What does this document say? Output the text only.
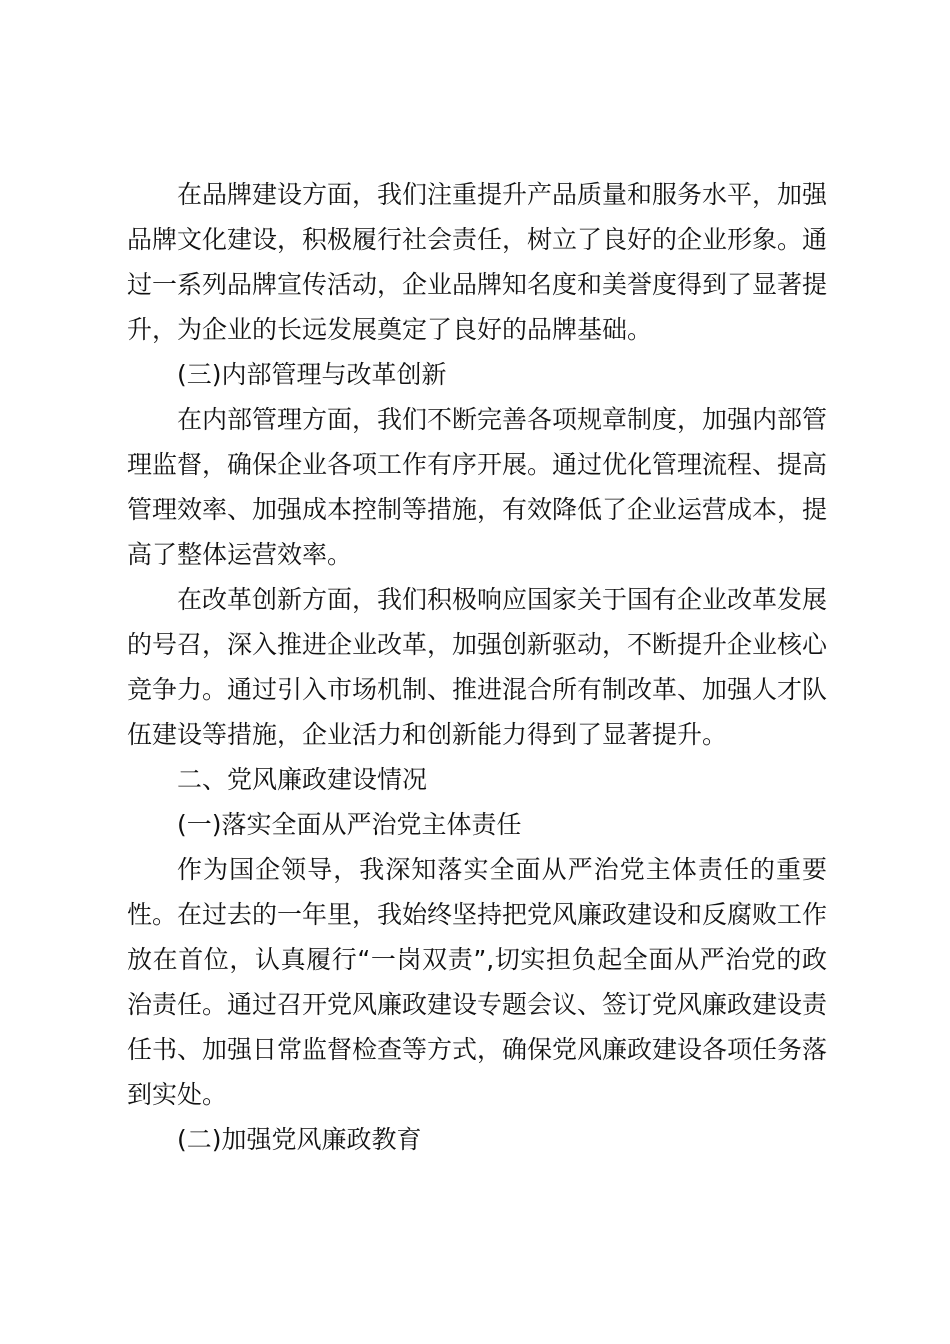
在品牌建设方面，我们注重提升产品质量和服务水平，加强品牌文化建设，积极履行社会责任，树立了良好的企业形象。通过一系列品牌宣传活动，企业品牌知名度和美誉度得到了显著提升，为企业的长远发展奠定了良好的品牌基础。

(三)内部管理与改革创新

在内部管理方面，我们不断完善各项规章制度，加强内部管理监督，确保企业各项工作有序开展。通过优化管理流程、提高管理效率、加强成本控制等措施，有效降低了企业运营成本，提高了整体运营效率。

在改革创新方面，我们积极响应国家关于国有企业改革发展的号召，深入推进企业改革，加强创新驱动，不断提升企业核心竞争力。通过引入市场机制、推进混合所有制改革、加强人才队伍建设等措施，企业活力和创新能力得到了显著提升。

二、党风廉政建设情况

(一)落实全面从严治党主体责任

作为国企领导，我深知落实全面从严治党主体责任的重要性。在过去的一年里，我始终坚持把党风廉政建设和反腐败工作放在首位，认真履行“一岗双责”,切实担负起全面从严治党的政治责任。通过召开党风廉政建设专题会议、签订党风廉政建设责任书、加强日常监督检查等方式，确保党风廉政建设各项任务落到实处。

(二)加强党风廉政教育
